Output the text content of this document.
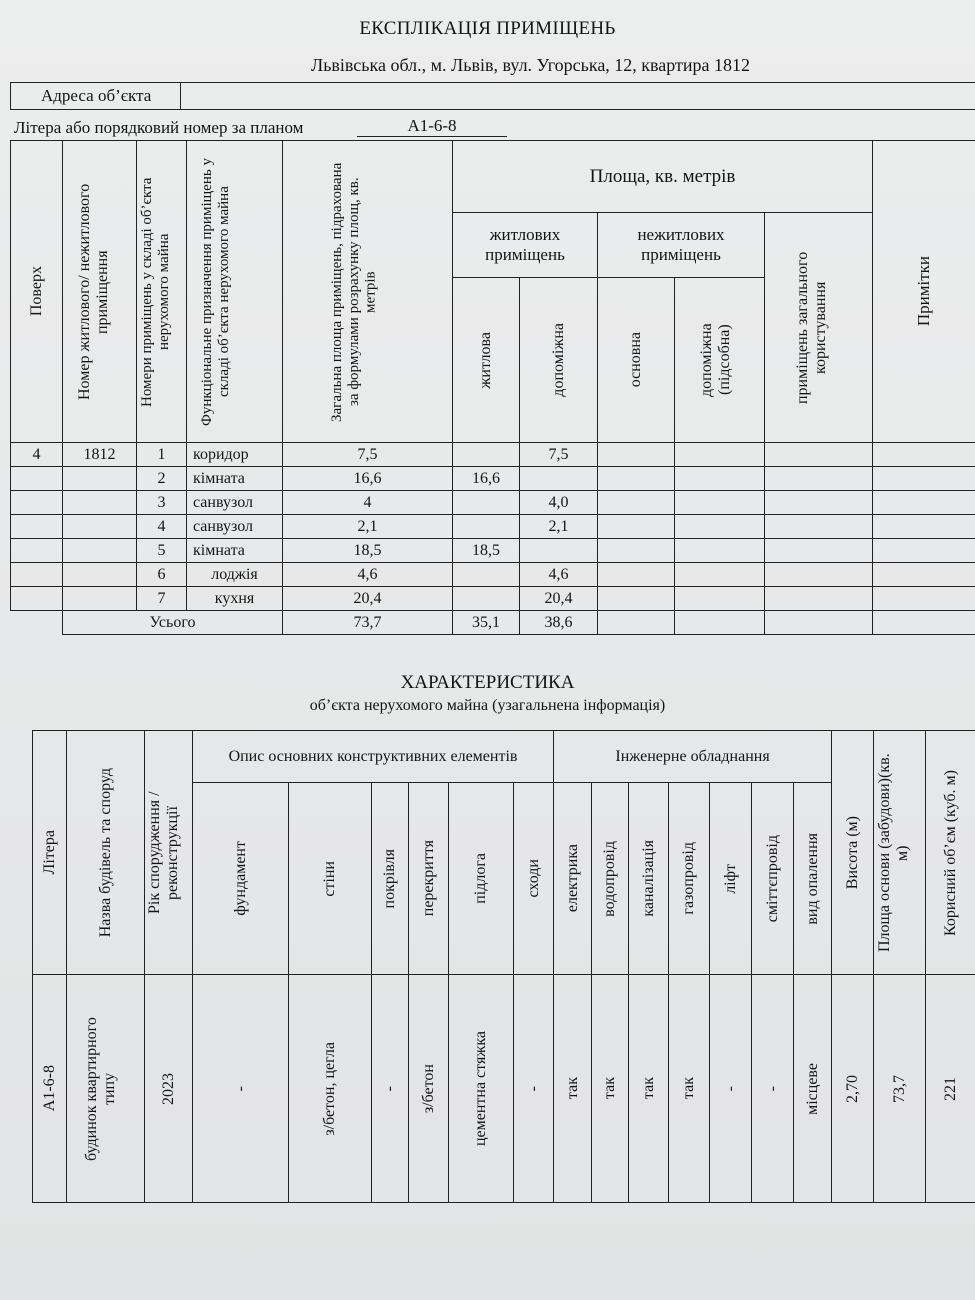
ЕКСПЛІКАЦІЯ ПРИМІЩЕНЬ
Адреса об’єкта
Львівська обл., м. Львів, вул. Угорська, 12, квартира 1812
Літера або порядковий номер за планом	А1-6-8
Поверх	Номер житлового/ нежитлового приміщення	Номери приміщень у складі об’єкта нерухомого майна	Функціональне призначення приміщень у складі об’єкта нерухомого майна	Загальна площа приміщень, підрахована за формулами розрахунку площ, кв. метрів	Площа, кв. метрів					Примітки

					житлових приміщень		нежитлових приміщень		приміщень загального користування	

					житлова	допоміжна	основна	допоміжна (підсобна)		

4	1812	1	коридор	7,5		7,5				
		2	кімната	16,6	16,6					
		3	санвузол	4		4,0				
		4	санвузол	2,1		2,1				
		5	кімната	18,5	18,5					
		6	лоджія	4,6		4,6				
		7	кухня	20,4		20,4				
	Усього			73,7	35,1	38,6				
ХАРАКТЕРИСТИКА
об’єкта нерухомого майна (узагальнена інформація)
Літера	Назва будівель та споруд	Рік спорудження / реконструкції	Опис основних конструктивних елементів						Інженерне обладнання							Висота (м)	Площа основи (забудови)(кв. м)	Корисний об’єм (куб. м)

			фундамент	стіни	покрівля	перекриття	підлога	сходи	електрика	водопровід	каналізація	газопровід	ліфт	сміттєпровід	вид опалення			

А1-6-8	будинок квартирного типу	2023	-	з/бетон, цегла	-	з/бетон	цементна стяжка	-	так	так	так	так	-	-	місцеве	2,70	73,7	221
